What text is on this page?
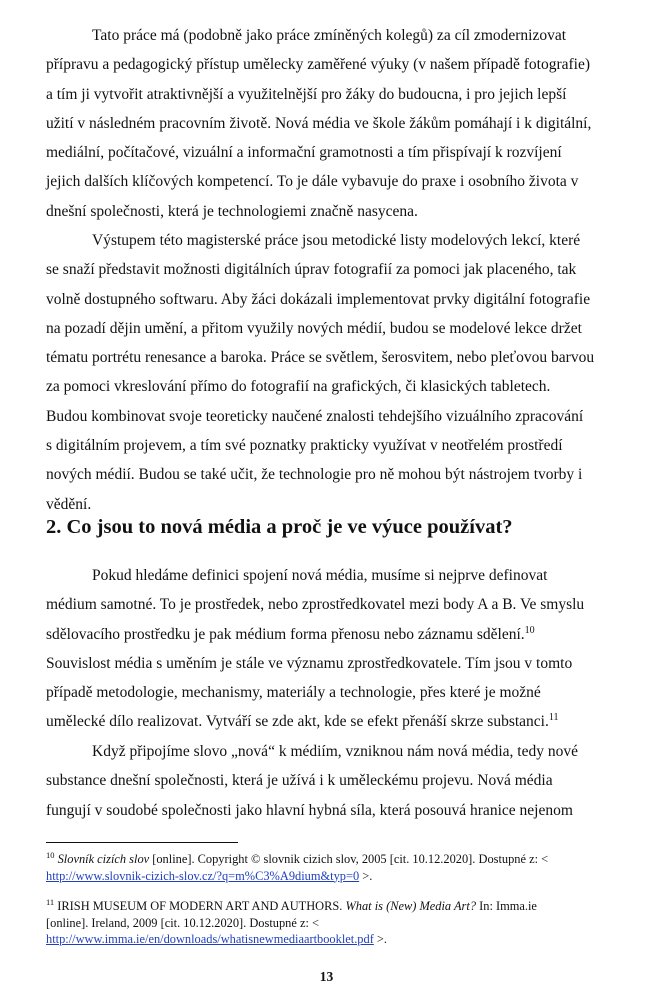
Tato práce má (podobně jako práce zmíněných kolegů) za cíl zmodernizovat
přípravu a pedagogický přístup umělecky zaměřené výuky (v našem případě fotografie)
a tím ji vytvořit atraktivnější a využitelnější pro žáky do budoucna, i pro jejich lepší
užití v následném pracovním životě. Nová média ve škole žákům pomáhají i k digitální,
mediální, počítačové, vizuální a informační gramotnosti a tím přispívají k rozvíjení
jejich dalších klíčových kompetencí. To je dále vybavuje do praxe i osobního života v
dnešní společnosti, která je technologiemi značně nasycena.
Výstupem této magisterské práce jsou metodické listy modelových lekcí, které
se snaží představit možnosti digitálních úprav fotografií za pomoci jak placeného, tak
volně dostupného softwaru. Aby žáci dokázali implementovat prvky digitální fotografie
na pozadí dějin umění, a přitom využily nových médií, budou se modelové lekce držet
tématu portrétu renesance a baroka. Práce se světlem, šerosvitem, nebo pleťovou barvou
za pomoci vkreslování přímo do fotografií na grafických, či klasických tabletech.
Budou kombinovat svoje teoreticky naučené znalosti tehdejšího vizuálního zpracování
s digitálním projevem, a tím své poznatky prakticky využívat v neotřelém prostředí
nových médií. Budou se také učit, že technologie pro ně mohou být nástrojem tvorby i
vědění.
2. Co jsou to nová média a proč je ve výuce používat?
Pokud hledáme definici spojení nová média, musíme si nejprve definovat
médium samotné. To je prostředek, nebo zprostředkovatel mezi body A a B. Ve smyslu
sdělovacího prostředku je pak médium forma přenosu nebo záznamu sdělení.$^{10}$
Souvislost média s uměním je stále ve významu zprostředkovatele. Tím jsou v tomto
případě metodologie, mechanismy, materiály a technologie, přes které je možné
umělecké dílo realizovat. Vytváří se zde akt, kde se efekt přenáší skrze substanci.$^{11}$
Když připojíme slovo „nová“ k médiím, vzniknou nám nová média, tedy nové
substance dnešní společnosti, která je užívá i k uměleckému projevu. Nová média
fungují v soudobé společnosti jako hlavní hybná síla, která posouvá hranice nejenom
$^{10}$ Slovník cizích slov [online]. Copyright © slovnik cizich slov, 2005 [cit. 10.12.2020]. Dostupné z: <
http://www.slovnik-cizich-slov.cz/?q=m%C3%A9dium&typ=0 >.
$^{11}$ IRISH MUSEUM OF MODERN ART AND AUTHORS. What is (New) Media Art? In: Imma.ie
[online]. Ireland, 2009 [cit. 10.12.2020]. Dostupné z: <
http://www.imma.ie/en/downloads/whatisnewmediaartbooklet.pdf >.
13
